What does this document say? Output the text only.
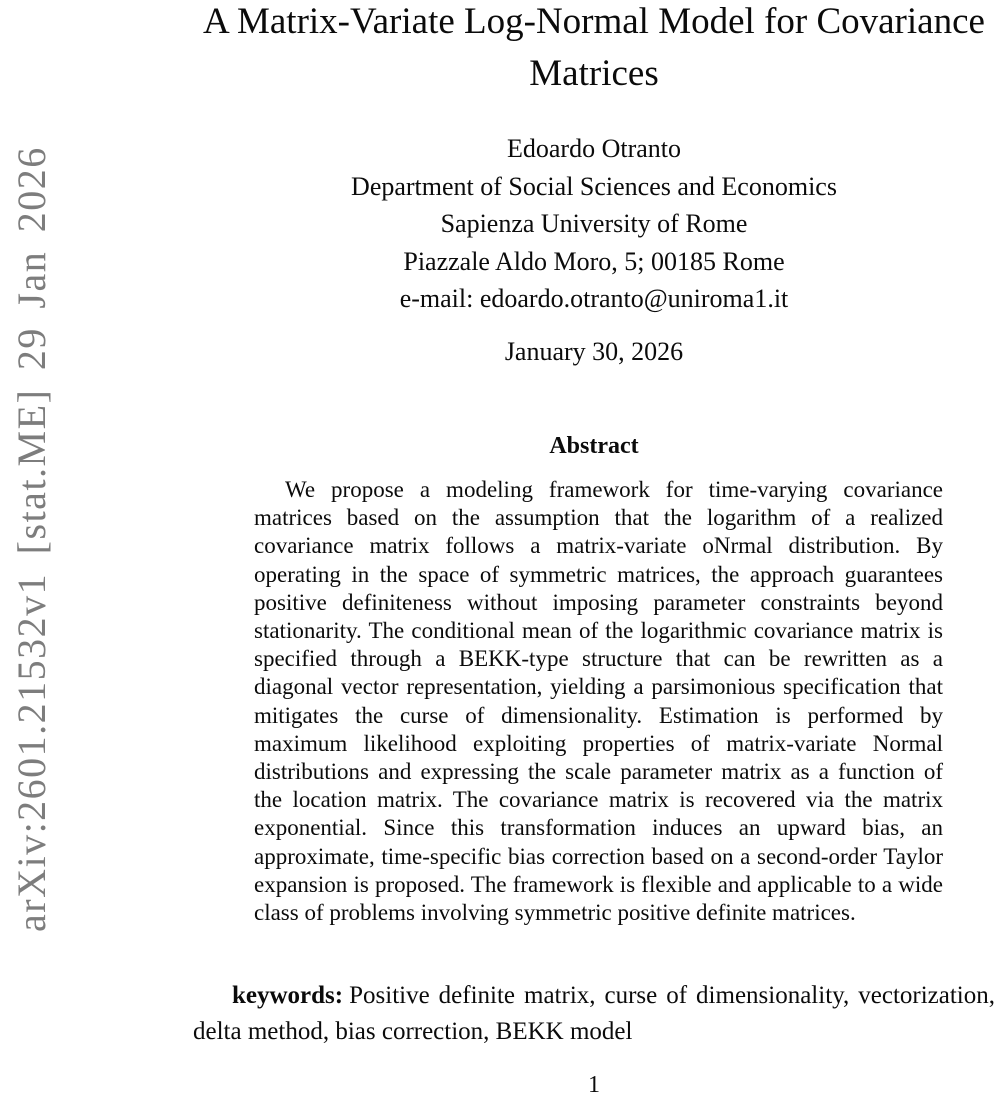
arXiv:2601.21532v1 [stat.ME] 29 Jan 2026
A Matrix-Variate Log-Normal Model for Covariance Matrices
Edoardo Otranto
Department of Social Sciences and Economics
Sapienza University of Rome
Piazzale Aldo Moro, 5; 00185 Rome
e-mail: edoardo.otranto@uniroma1.it
January 30, 2026
Abstract

We propose a modeling framework for time-varying covariance matrices based on the assumption that the logarithm of a realized covariance matrix follows a matrix-variate oNrmal distribution. By operating in the space of symmetric matrices, the approach guarantees positive definiteness without imposing parameter constraints beyond stationarity. The conditional mean of the logarithmic covariance matrix is specified through a BEKK-type structure that can be rewritten as a diagonal vector representation, yielding a parsimonious specification that mitigates the curse of dimensionality. Estimation is performed by maximum likelihood exploiting properties of matrix-variate Normal distributions and expressing the scale parameter matrix as a function of the location matrix. The covariance matrix is recovered via the matrix exponential. Since this transformation induces an upward bias, an approximate, time-specific bias correction based on a second-order Taylor expansion is proposed. The framework is flexible and applicable to a wide class of problems involving symmetric positive definite matrices.

keywords: Positive definite matrix, curse of dimensionality, vectorization, delta method, bias correction, BEKK model

1
